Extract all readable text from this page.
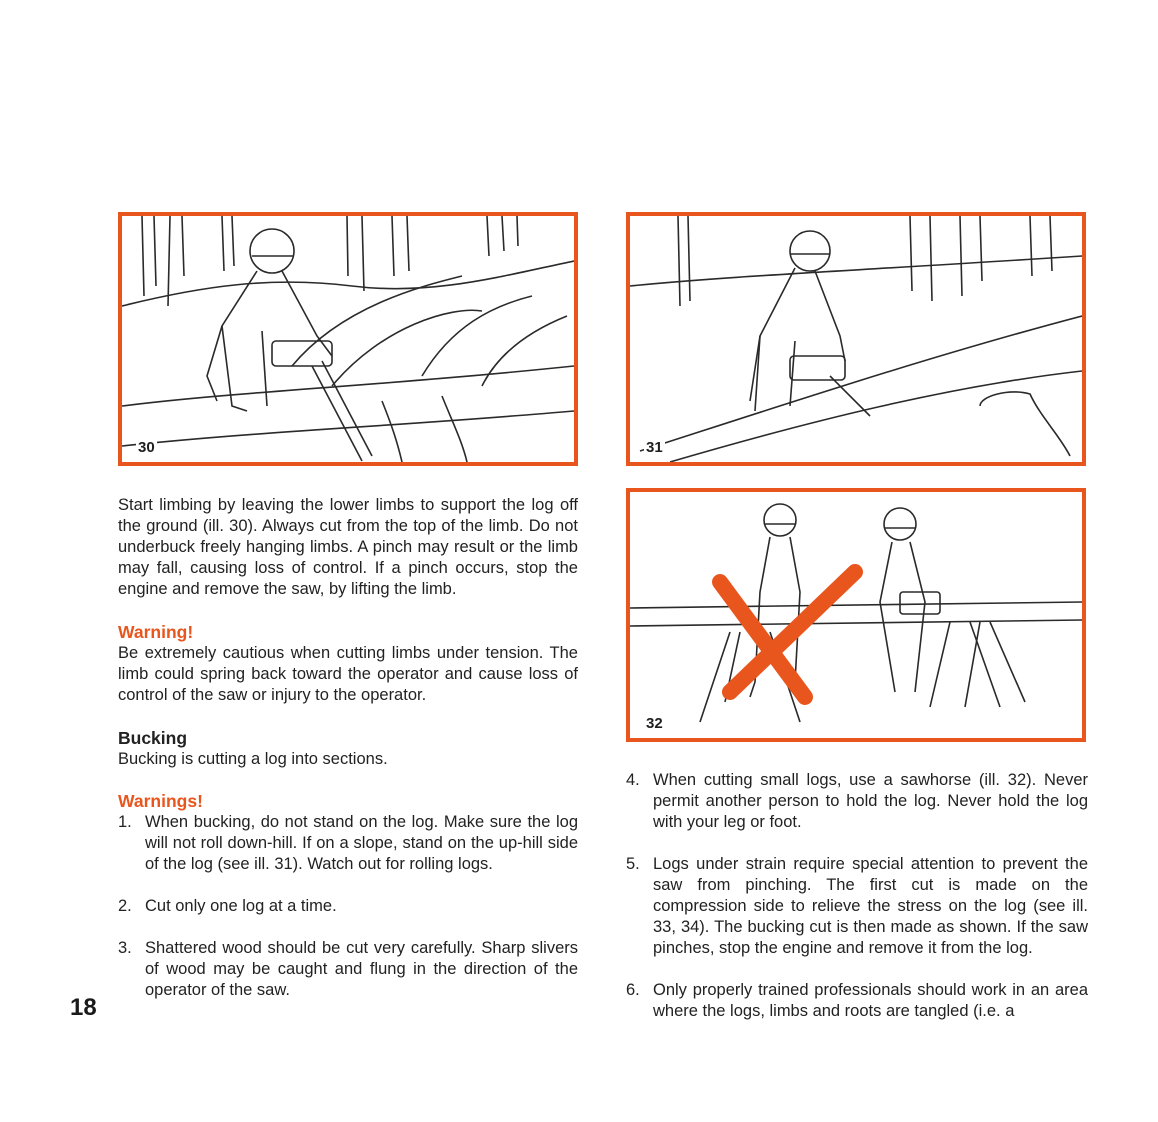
30	31
32

Start limbing by leaving the lower limbs to support the log off the ground (ill. 30). Always cut from the top of the limb. Do not underbuck freely hanging limbs. A pinch may result or the limb may fall, causing loss of control. If a pinch occurs, stop the engine and remove the saw, by lifting the limb.

Warning!

Be extremely cautious when cutting limbs under tension. The limb could spring back toward the operator and cause loss of control of the saw or injury to the operator.

Bucking

Bucking is cutting a log into sections.

Warnings!

1. When bucking, do not stand on the log. Make sure the log will not roll down-hill. If on a slope, stand on the up-hill side of the log (see ill. 31). Watch out for rolling logs.

2. Cut only one log at a time.

3. Shattered wood should be cut very carefully. Sharp slivers of wood may be caught and flung in the direction of the operator of the saw.

4. When cutting small logs, use a sawhorse (ill. 32). Never permit another person to hold the log. Never hold the log with your leg or foot.

5. Logs under strain require special attention to prevent the saw from pinching. The first cut is made on the compression side to relieve the stress on the log (see ill. 33, 34). The bucking cut is then made as shown. If the saw pinches, stop the engine and remove it from the log.

6. Only properly trained professionals should work in an area where the logs, limbs and roots are tangled (i.e. a

18
